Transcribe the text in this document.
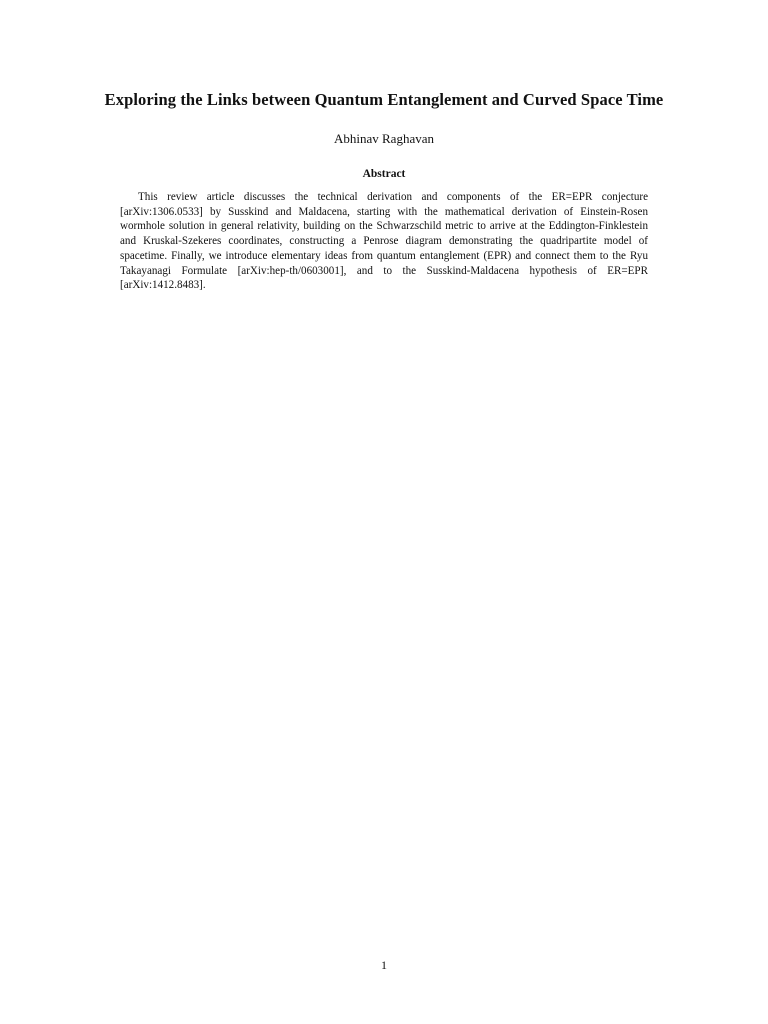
Exploring the Links between Quantum Entanglement and Curved Space Time
Abhinav Raghavan
Abstract
This review article discusses the technical derivation and components of the ER=EPR conjecture [arXiv:1306.0533] by Susskind and Maldacena, starting with the mathematical derivation of Einstein-Rosen wormhole solution in general relativity, building on the Schwarzschild metric to arrive at the Eddington-Finklestein and Kruskal-Szekeres coordinates, constructing a Penrose diagram demonstrating the quadripartite model of spacetime. Finally, we introduce elementary ideas from quantum entanglement (EPR) and connect them to the Ryu Takayanagi Formulate [arXiv:hep-th/0603001], and to the Susskind-Maldacena hypothesis of ER=EPR [arXiv:1412.8483].
1
